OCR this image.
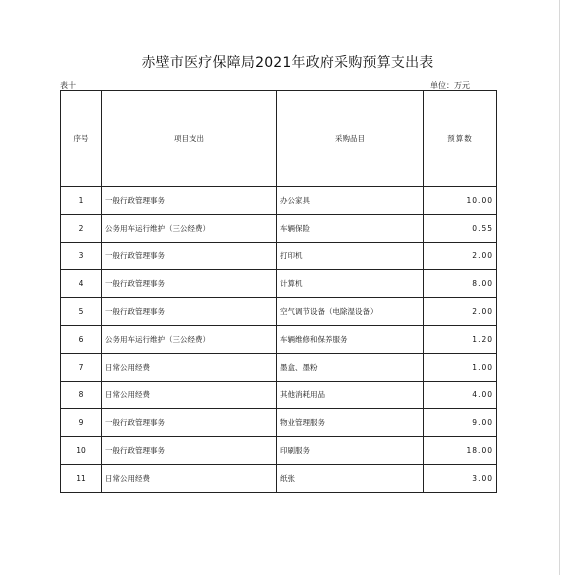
赤壁市医疗保障局2021年政府采购预算支出表
表十	单位：万元
序号	项目支出	采购品目	预算数
1	一般行政管理事务	办公家具	10.00
2	公务用车运行维护（三公经费）	车辆保险	0.55
3	一般行政管理事务	打印机	2.00
4	一般行政管理事务	计算机	8.00
5	一般行政管理事务	空气调节设备（电除湿设备）	2.00
6	公务用车运行维护（三公经费）	车辆维修和保养服务	1.20
7	日常公用经费	墨盒、墨粉	1.00
8	日常公用经费	其他消耗用品	4.00
9	一般行政管理事务	物业管理服务	9.00
10	一般行政管理事务	印刷服务	18.00
11	日常公用经费	纸张	3.00
